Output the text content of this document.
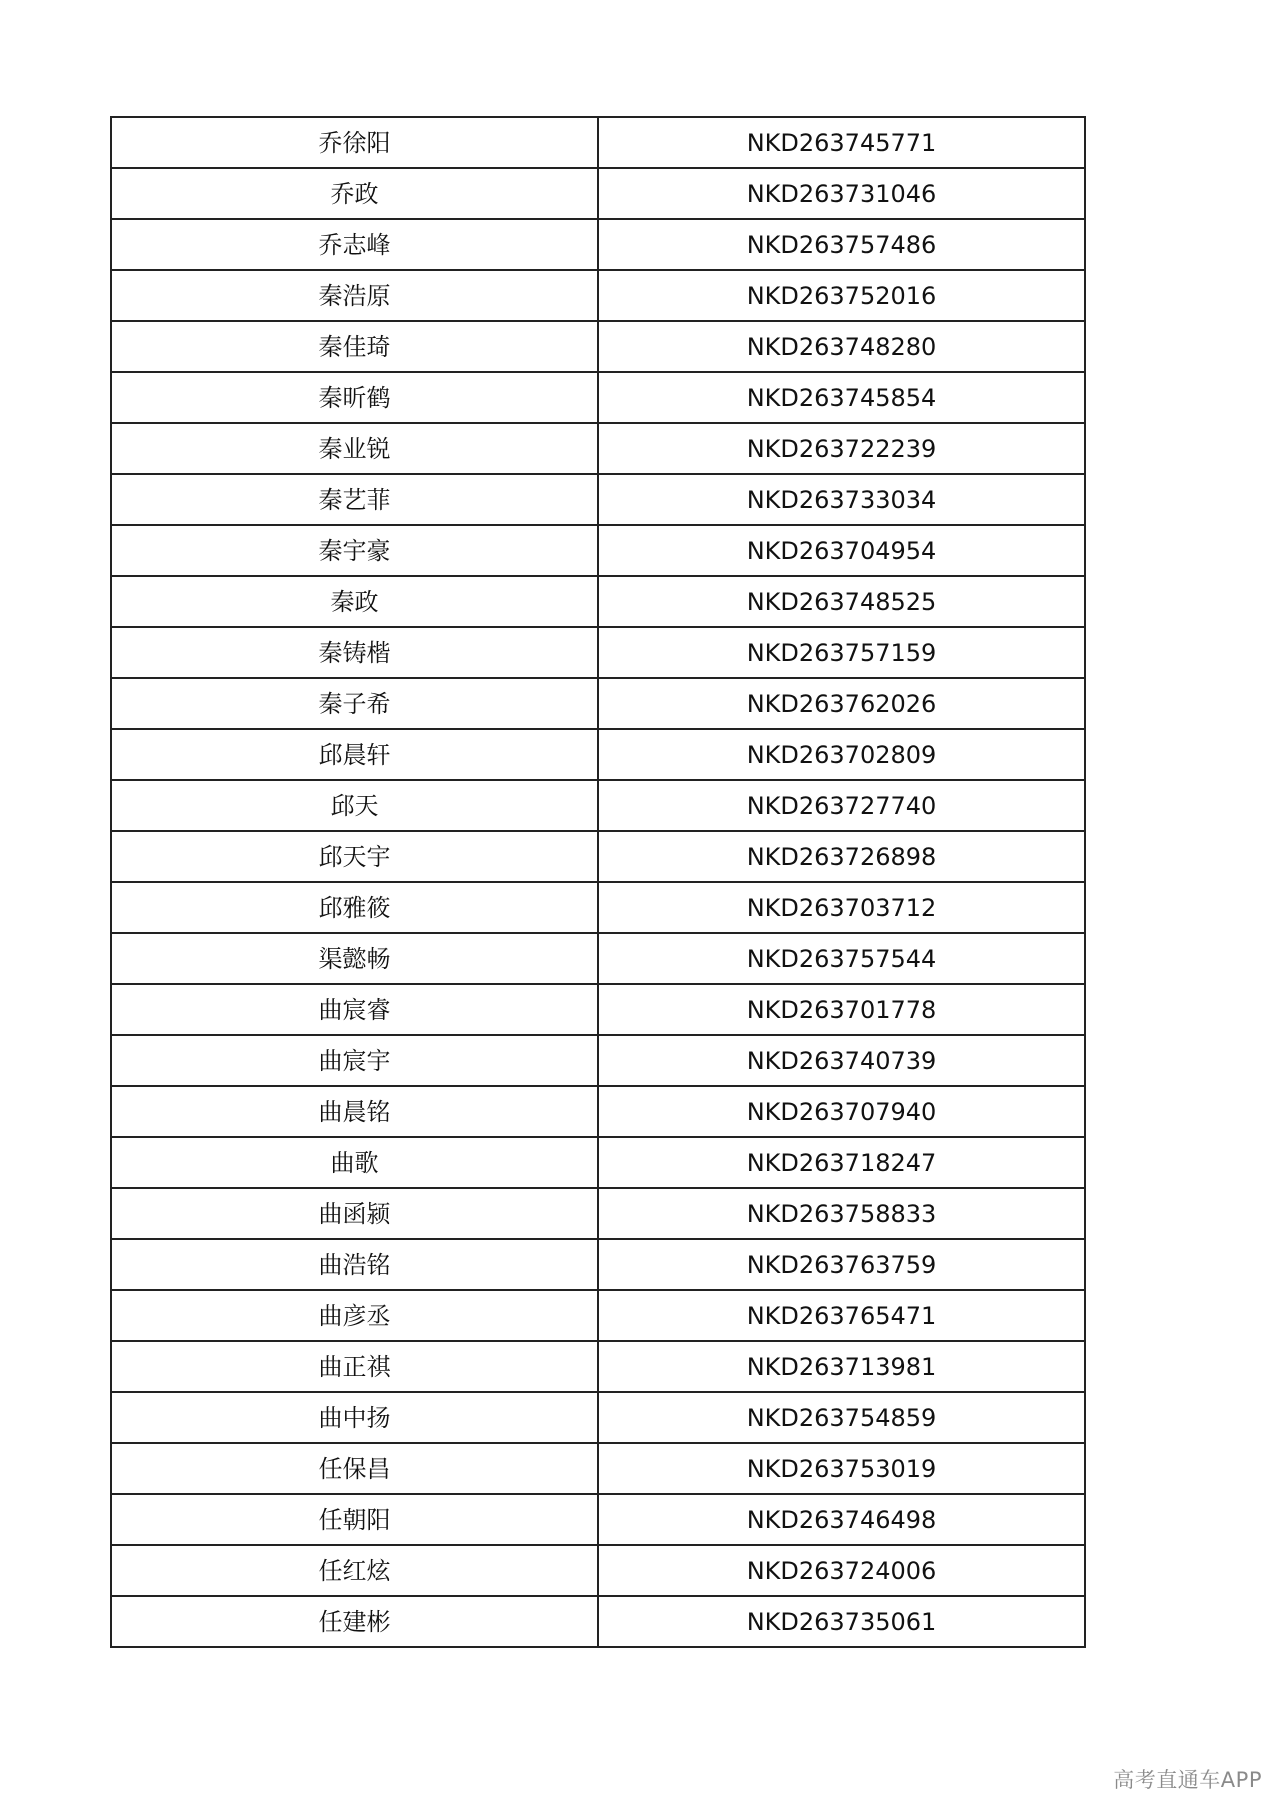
乔徐阳	NKD263745771
乔政	NKD263731046
乔志峰	NKD263757486
秦浩原	NKD263752016
秦佳琦	NKD263748280
秦昕鹤	NKD263745854
秦业锐	NKD263722239
秦艺菲	NKD263733034
秦宇豪	NKD263704954
秦政	NKD263748525
秦铸楷	NKD263757159
秦子希	NKD263762026
邱晨轩	NKD263702809
邱天	NKD263727740
邱天宇	NKD263726898
邱雅筱	NKD263703712
渠懿畅	NKD263757544
曲宸睿	NKD263701778
曲宸宇	NKD263740739
曲晨铭	NKD263707940
曲歌	NKD263718247
曲函颍	NKD263758833
曲浩铭	NKD263763759
曲彦丞	NKD263765471
曲正祺	NKD263713981
曲中扬	NKD263754859
任保昌	NKD263753019
任朝阳	NKD263746498
任红炫	NKD263724006
任建彬	NKD263735061
高考直通车APP
